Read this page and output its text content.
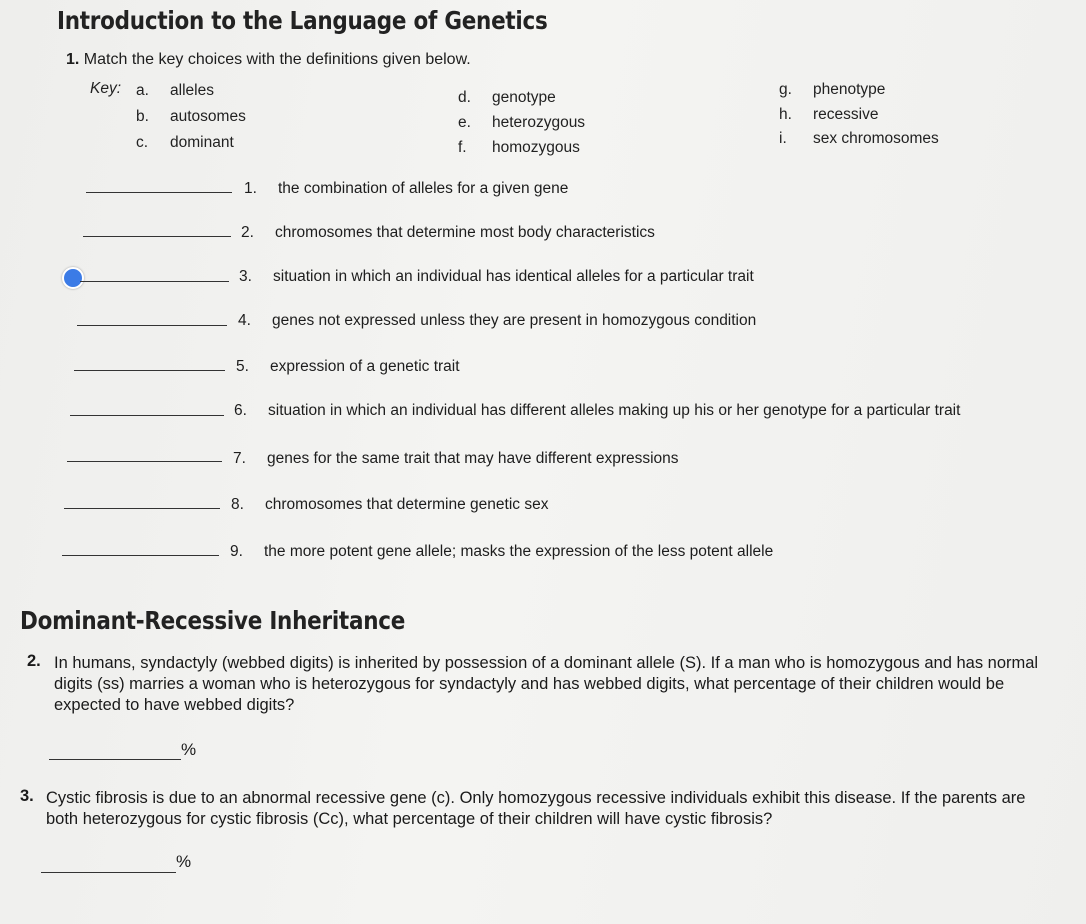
Introduction to the Language of Genetics
1. Match the key choices with the definitions given below.
Key: a. alleles
b. autosomes
c. dominant
d. genotype
e. heterozygous
f. homozygous
g. phenotype
h. recessive
i. sex chromosomes
1. the combination of alleles for a given gene
2. chromosomes that determine most body characteristics
3. situation in which an individual has identical alleles for a particular trait
4. genes not expressed unless they are present in homozygous condition
5. expression of a genetic trait
6. situation in which an individual has different alleles making up his or her genotype for a particular trait
7. genes for the same trait that may have different expressions
8. chromosomes that determine genetic sex
9. the more potent gene allele; masks the expression of the less potent allele
Dominant-Recessive Inheritance
2. In humans, syndactyly (webbed digits) is inherited by possession of a dominant allele (S). If a man who is homozygous and has normal digits (ss) marries a woman who is heterozygous for syndactyly and has webbed digits, what percentage of their children would be expected to have webbed digits?
%
3. Cystic fibrosis is due to an abnormal recessive gene (c). Only homozygous recessive individuals exhibit this disease. If the parents are both heterozygous for cystic fibrosis (Cc), what percentage of their children will have cystic fibrosis?
%
